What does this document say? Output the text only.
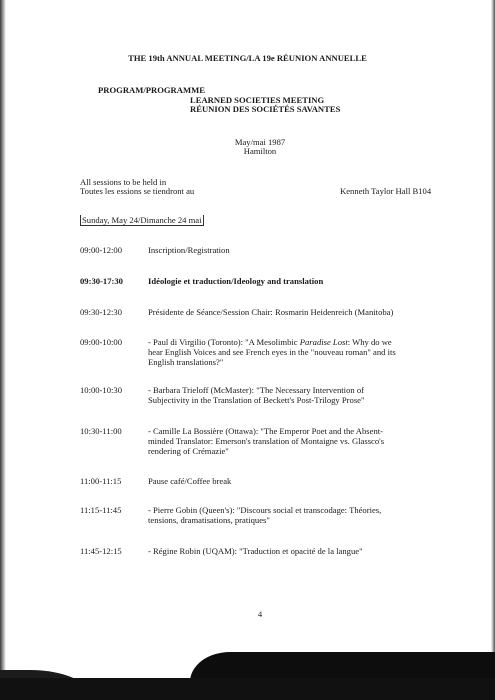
THE 19th ANNUAL MEETING/LA 19e RÉUNION ANNUELLE
PROGRAM/PROGRAMME
LEARNED SOCIETIES MEETING
RÉUNION DES SOCIÉTÉS SAVANTES
May/mai 1987
Hamilton
All sessions to be held in
Toutes les essions se tiendront au	Kenneth Taylor Hall B104
Sunday, May 24/Dimanche 24 mai
09:00-12:00	Inscription/Registration
09:30-17:30	Idéologie et traduction/Ideology and translation
09:30-12:30	Présidente de Séance/Session Chair: Rosmarin Heidenreich (Manitoba)
09:00-10:00	- Paul di Virgilio (Toronto): "A Mesolimbic Paradise Lost: Why do we
hear English Voices and see French eyes in the "nouveau roman" and its
English translations?"
10:00-10:30	- Barbara Trieloff (McMaster): "The Necessary Intervention of
Subjectivity in the Translation of Beckett's Post-Trilogy Prose"
10:30-11:00	- Camille La Bossière (Ottawa): "The Emperor Poet and the Absent-
minded Translator: Emerson's translation of Montaigne vs. Glassco's
rendering of Crémazie"
11:00-11:15	Pause café/Coffee break
11:15-11:45	- Pierre Gobin (Queen's): "Discours social et transcodage: Théories,
tensions, dramatisations, pratiques"
11:45-12:15	- Régine Robin (UQAM): "Traduction et opacité de la langue"
4
